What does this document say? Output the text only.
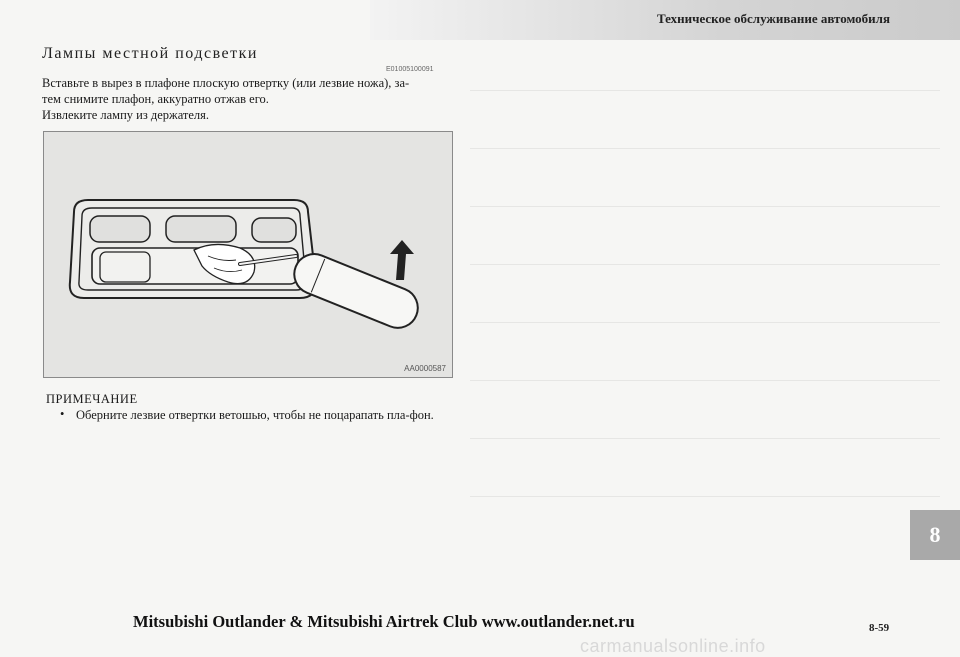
Техническое обслуживание автомобиля
Лампы местной подсветки
E01005100091

Вставьте в вырез в плафоне плоскую отвертку (или лезвие ножа), за-

тем снимите плафон, аккуратно отжав его.

Извлеките лампу из держателя.

AA0000587
ПРИМЕЧАНИЕ
• Оберните лезвие отвертки ветошью, чтобы не поцарапать пла-фон.
8
Mitsubishi Outlander & Mitsubishi Airtrek Club www.outlander.net.ru	8-59
carmanualsonline.info
